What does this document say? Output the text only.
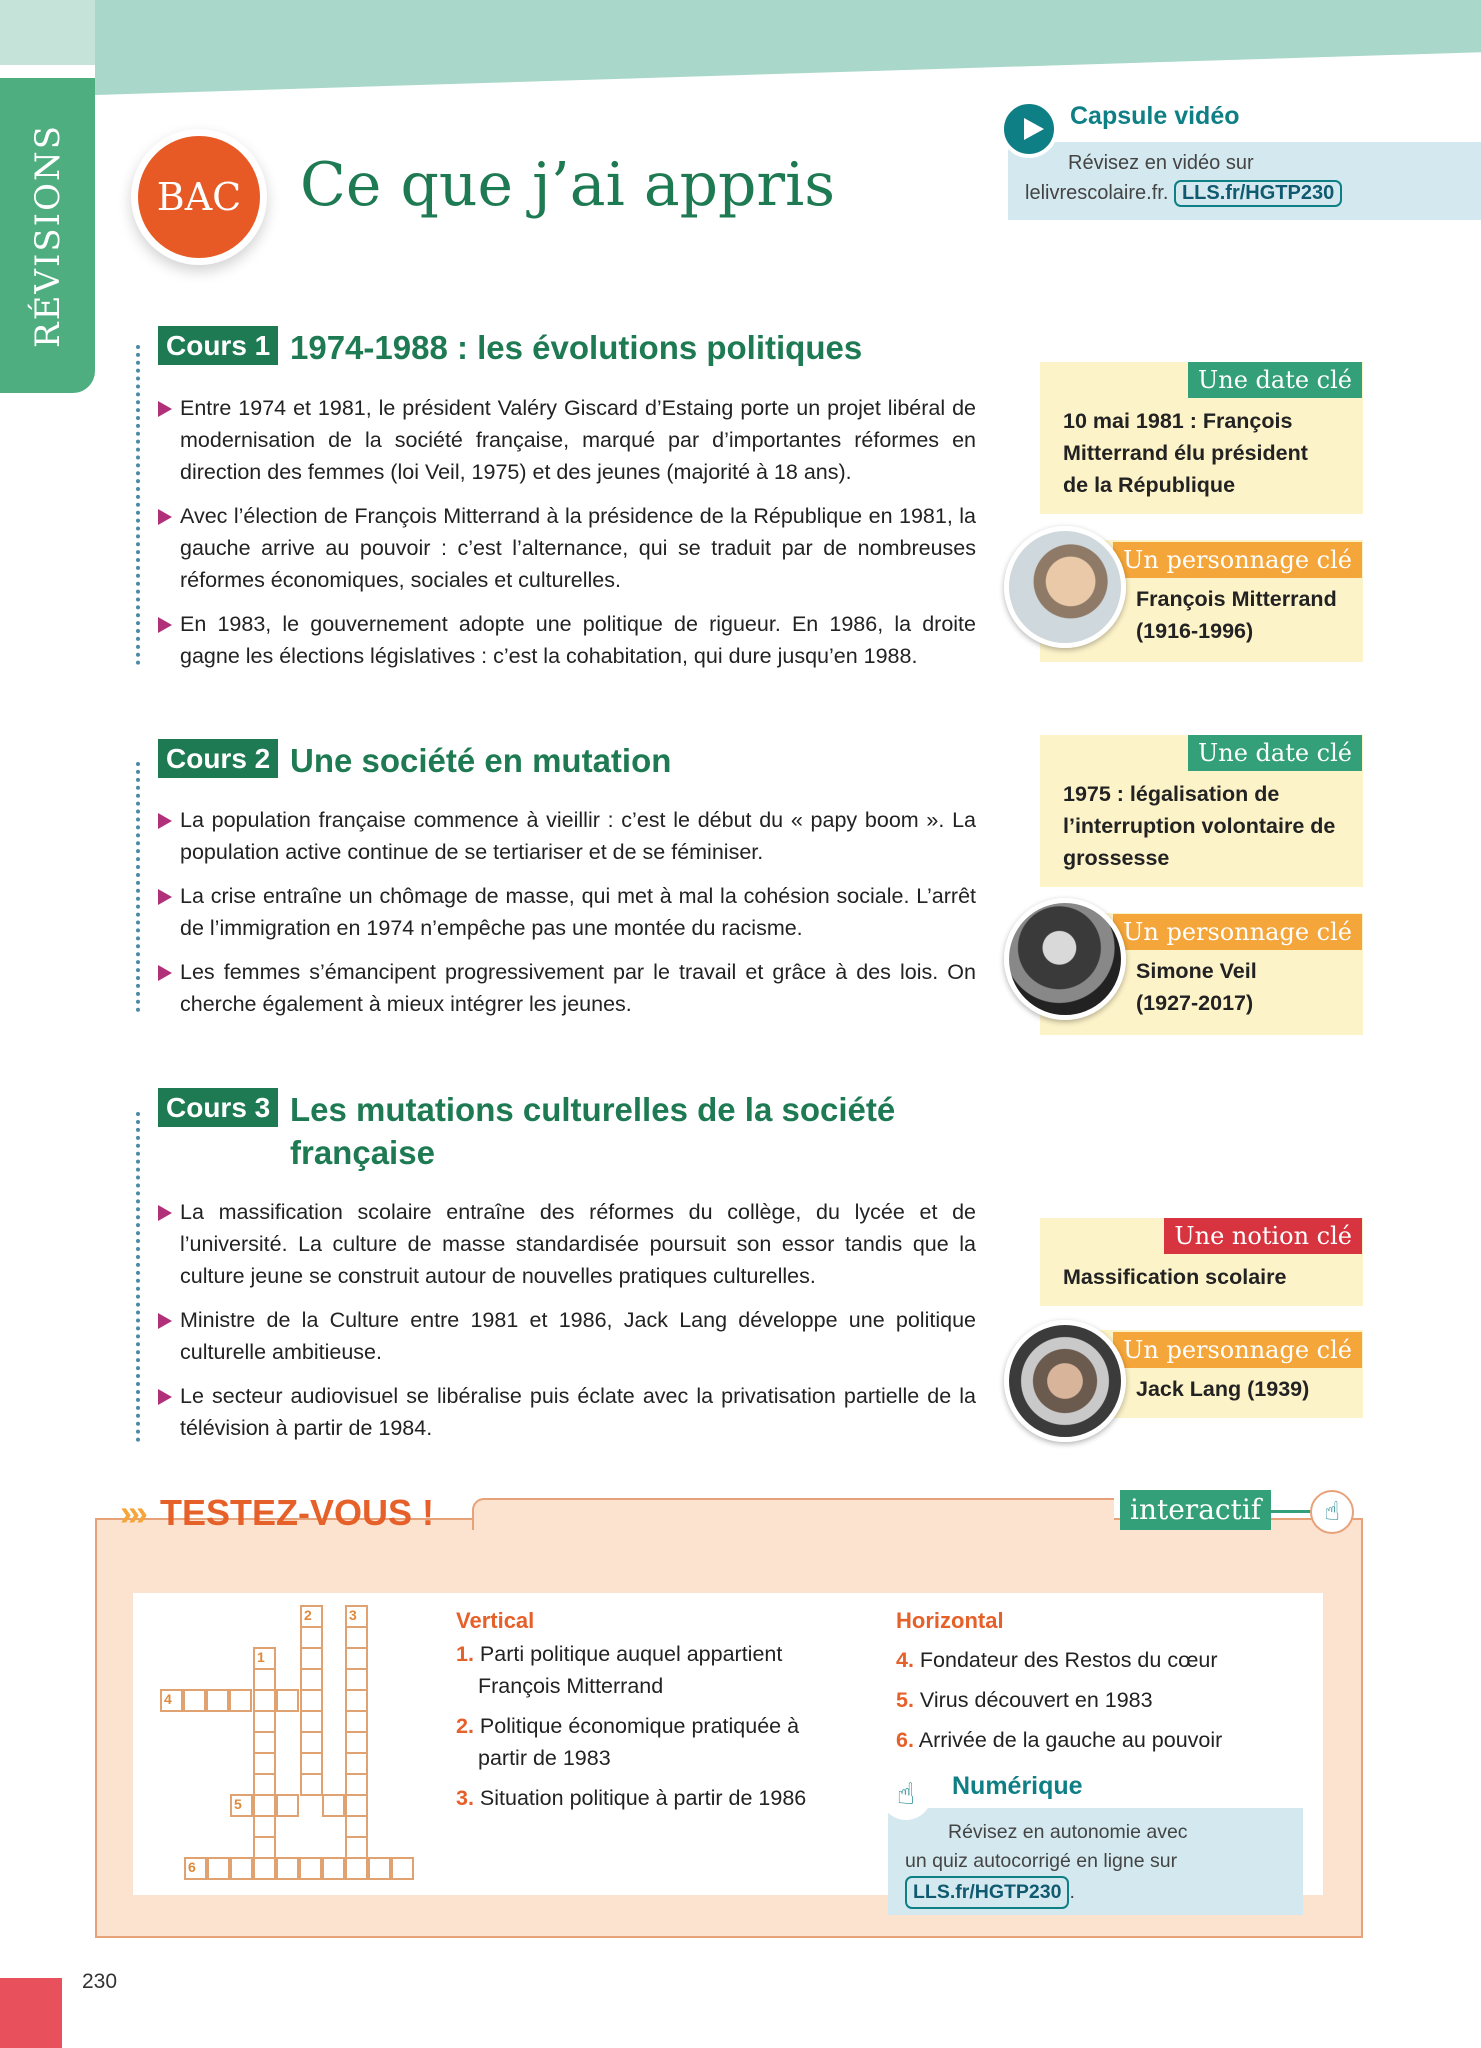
RÉVISIONS BAC Ce que j’ai appris
Capsule vidéo
Révisez en vidéo sur
lelivrescolaire.fr. LLS.fr/HGTP230
Cours 1 1974-1988 : les évolutions politiques
Entre 1974 et 1981, le président Valéry Giscard d’Estaing porte un projet libéral de modernisation de la société française, marqué par d’importantes réformes en direction des femmes (loi Veil, 1975) et des jeunes (majorité à 18 ans).
Avec l’élection de François Mitterrand à la présidence de la République en 1981, la gauche arrive au pouvoir : c’est l’alternance, qui se traduit par de nombreuses réformes économiques, sociales et culturelles.
En 1983, le gouvernement adopte une politique de rigueur. En 1986, la droite gagne les élections législatives : c’est la cohabitation, qui dure jusqu’en 1988.
Une date clé
10 mai 1981 : François
Mitterrand élu président
de la République
Un personnage clé
François Mitterrand
(1916-1996)
Cours 2 Une société en mutation
La population française commence à vieillir : c’est le début du « papy boom ». La population active continue de se tertiariser et de se féminiser.
La crise entraîne un chômage de masse, qui met à mal la cohésion sociale. L’arrêt de l’immigration en 1974 n’empêche pas une montée du racisme.
Les femmes s’émancipent progressivement par le travail et grâce à des lois. On cherche également à mieux intégrer les jeunes.
Une date clé
1975 : légalisation de
l’interruption volontaire de
grossesse
Un personnage clé
Simone Veil
(1927-2017)
Cours 3 Les mutations culturelles de la société
française
La massification scolaire entraîne des réformes du collège, du lycée et de l’université. La culture de masse standardisée poursuit son essor tandis que la culture jeune se construit autour de nouvelles pratiques culturelles.
Ministre de la Culture entre 1981 et 1986, Jack Lang développe une politique culturelle ambitieuse.
Le secteur audiovisuel se libéralise puis éclate avec la privatisation partielle de la télévision à partir de 1984.
Une notion clé
Massification scolaire
Un personnage clé
Jack Lang (1939)
››› TESTEZ-VOUS !	interactif	☝
1
2	3
4
5
6
Vertical
1. Parti politique auquel appartient
François Mitterrand
2. Politique économique pratiquée à
partir de 1983
3. Situation politique à partir de 1986
Horizontal
4. Fondateur des Restos du cœur
5. Virus découvert en 1983
6. Arrivée de la gauche au pouvoir
☝	Numérique
Révisez en autonomie avec
un quiz autocorrigé en ligne sur
LLS.fr/HGTP230 .
230
